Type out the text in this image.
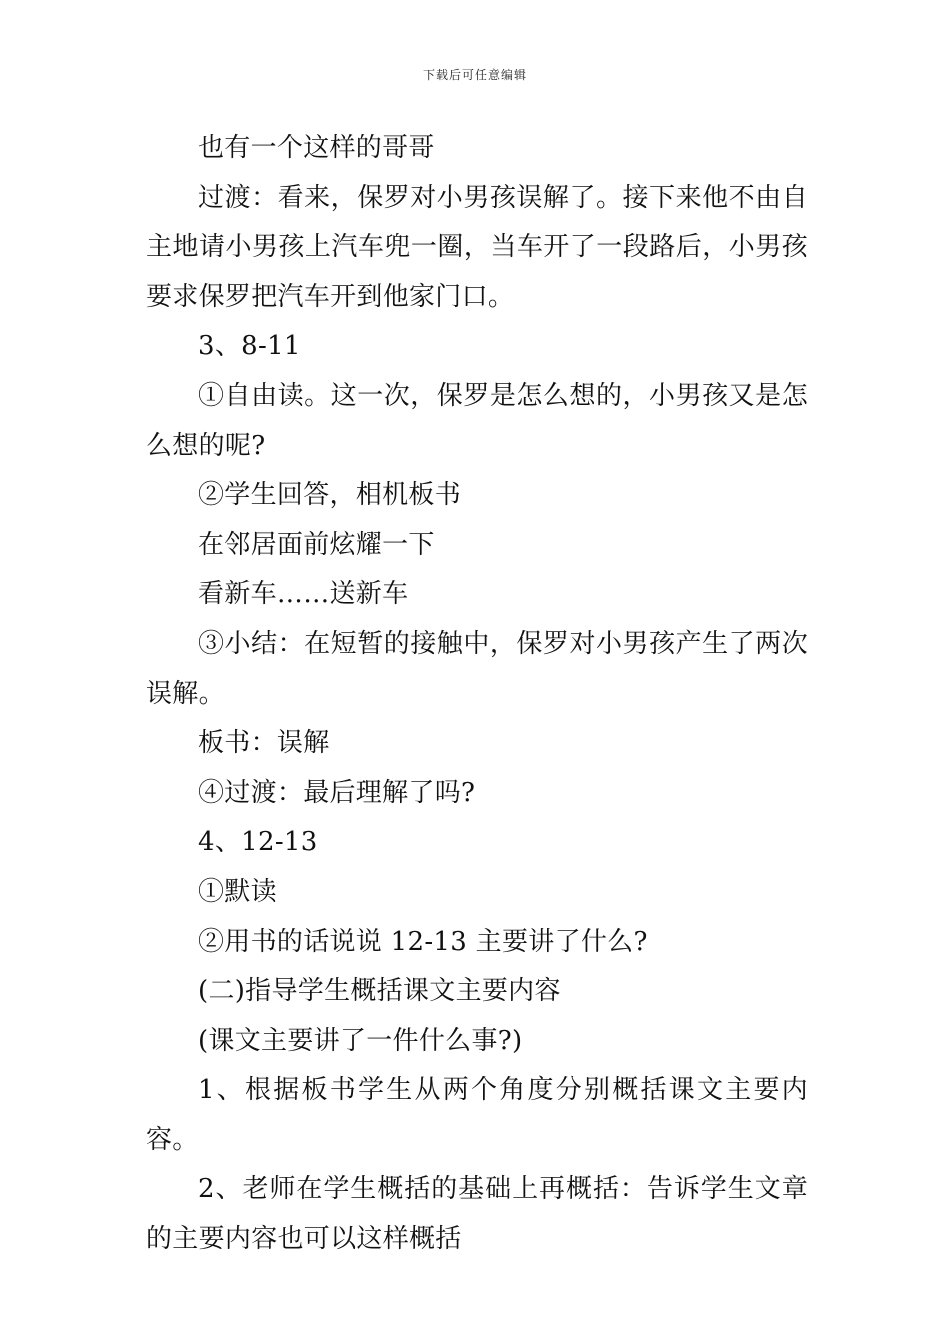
下载后可任意编辑

也有一个这样的哥哥

过渡：看来，保罗对小男孩误解了。接下来他不由自主地请小男孩上汽车兜一圈，当车开了一段路后，小男孩要求保罗把汽车开到他家门口。

3、8-11

①自由读。这一次，保罗是怎么想的，小男孩又是怎么想的呢?

②学生回答，相机板书

在邻居面前炫耀一下

看新车……送新车

③小结：在短暂的接触中，保罗对小男孩产生了两次误解。

板书：误解

④过渡：最后理解了吗?

4、12-13

①默读

②用书的话说说 12-13 主要讲了什么?

(二)指导学生概括课文主要内容

(课文主要讲了一件什么事?)

1、根据板书学生从两个角度分别概括课文主要内容。

2、老师在学生概括的基础上再概括：告诉学生文章的主要内容也可以这样概括
